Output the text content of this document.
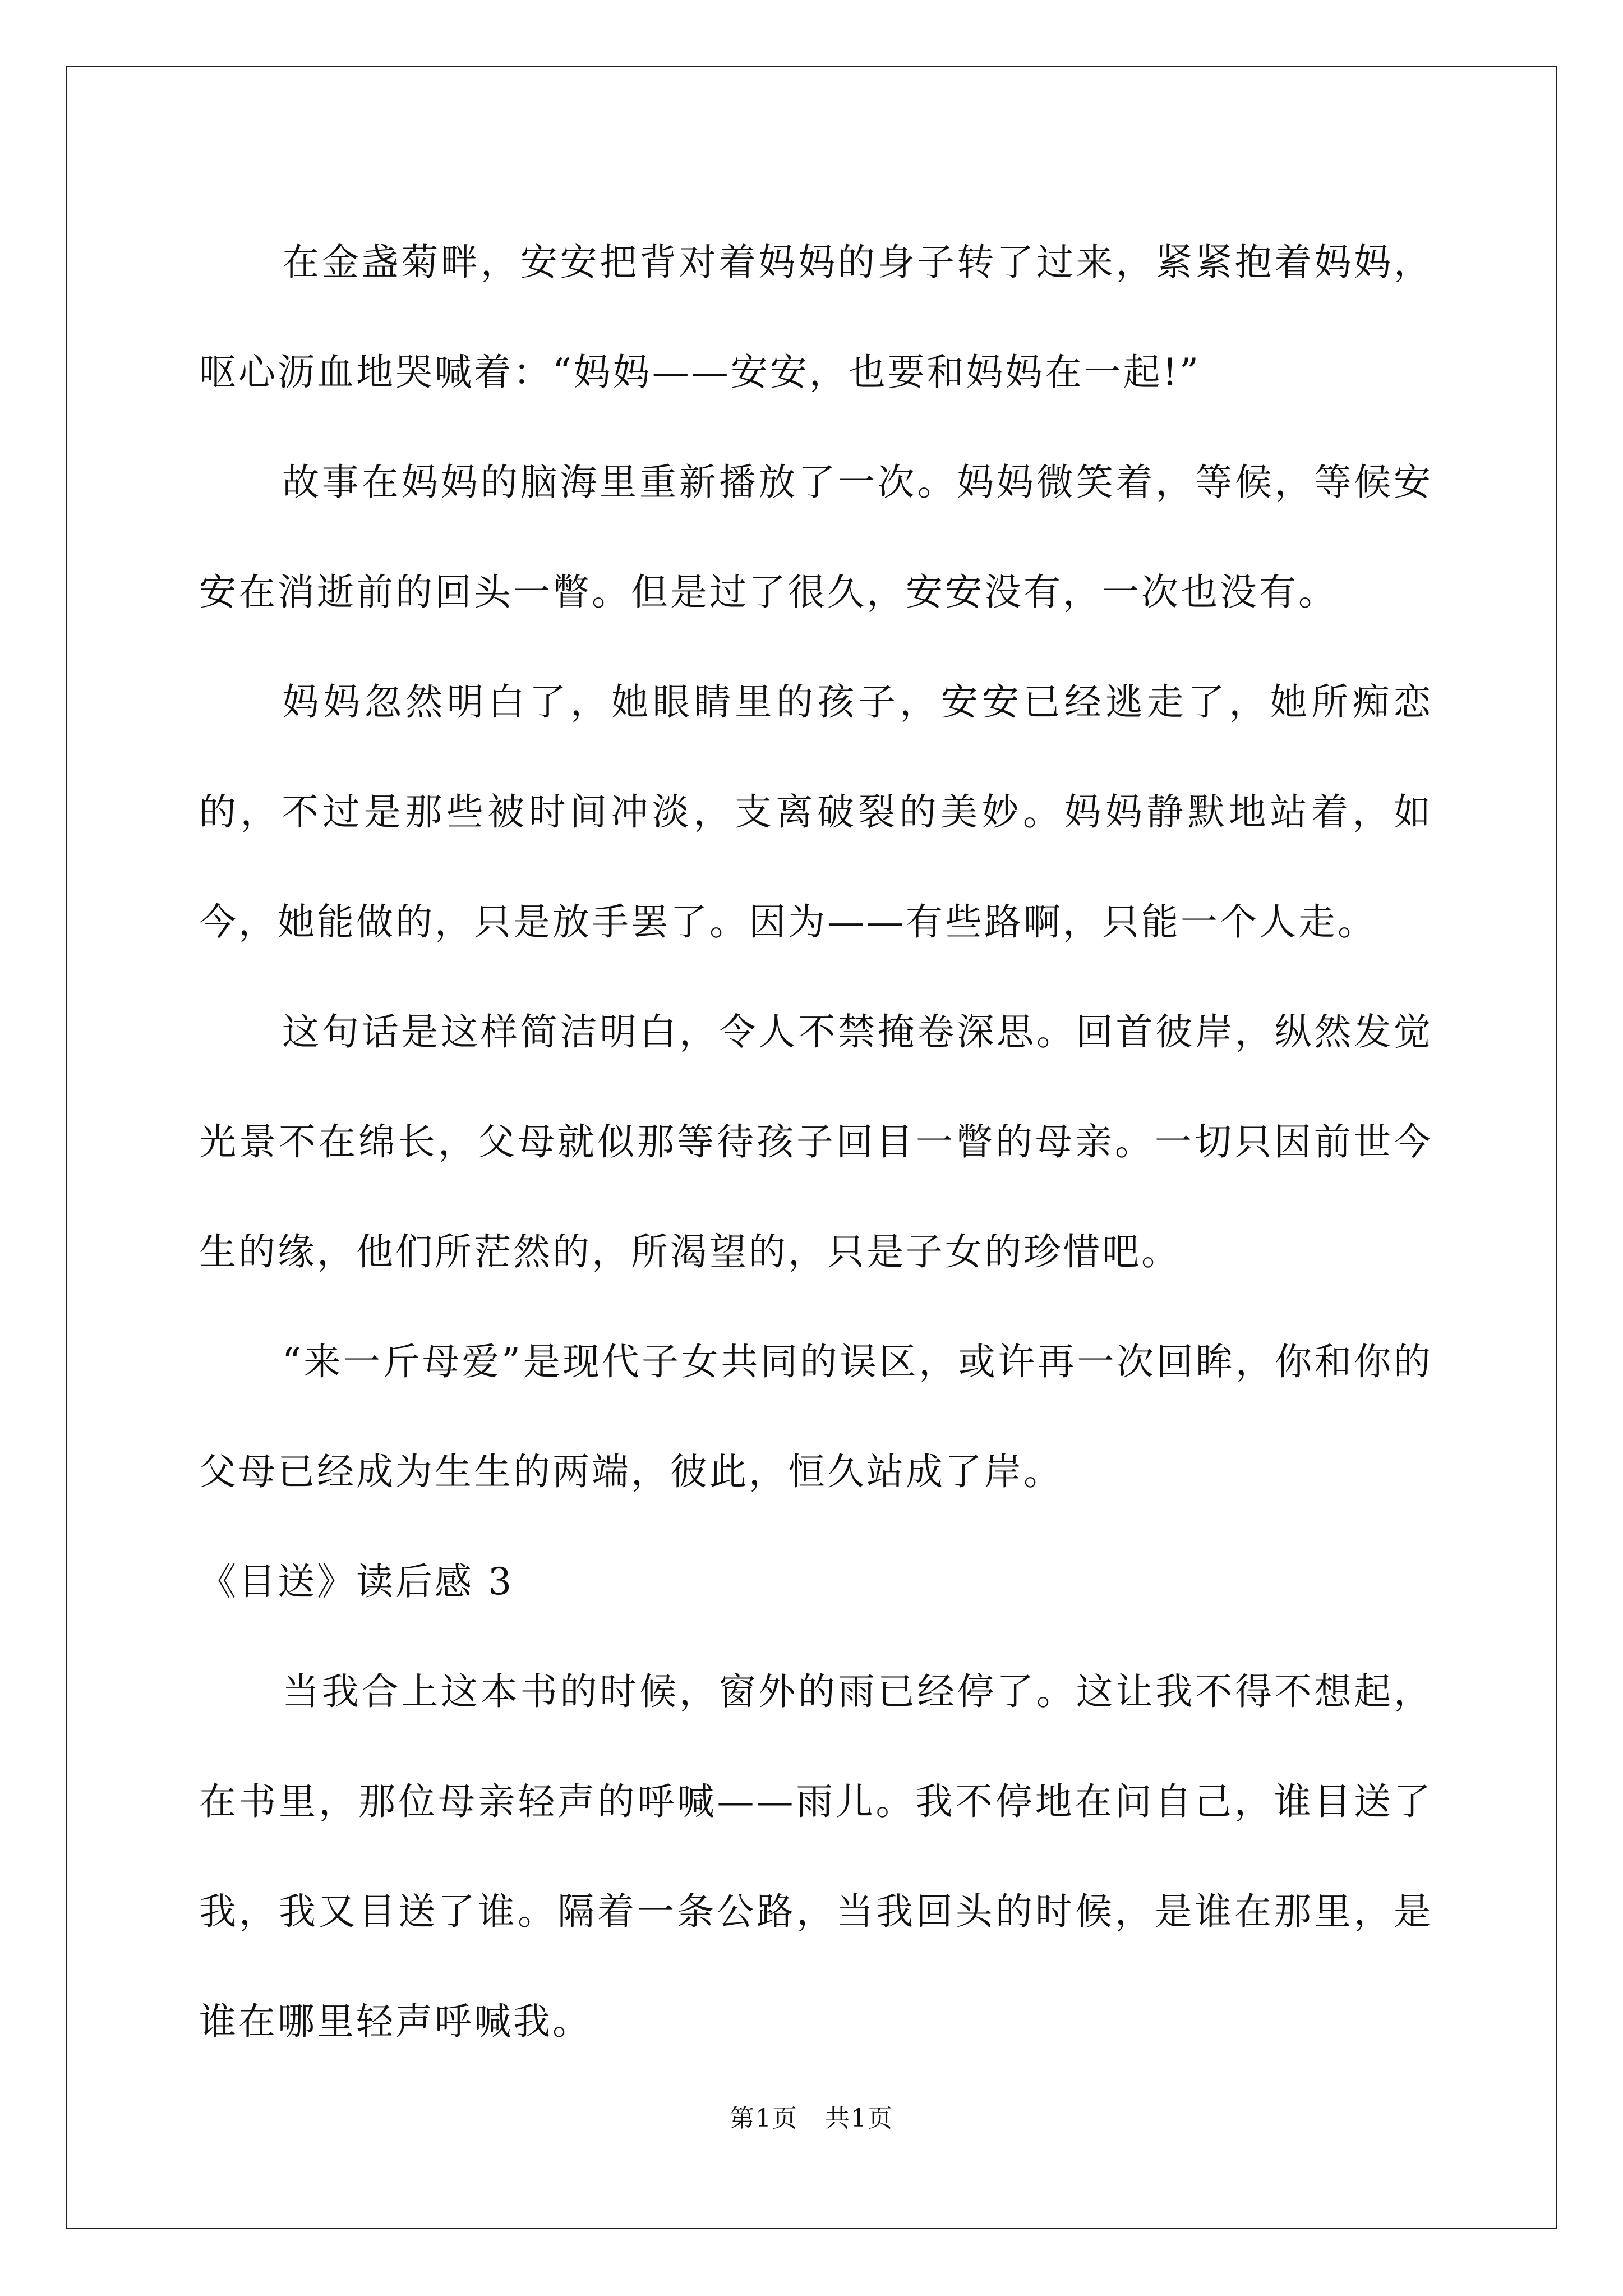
在金盏菊畔，安安把背对着妈妈的身子转了过来，紧紧抱着妈妈，呕心沥血地哭喊着：“妈妈——安安，也要和妈妈在一起!”

故事在妈妈的脑海里重新播放了一次。妈妈微笑着，等候，等候安安在消逝前的回头一瞥。但是过了很久，安安没有，一次也没有。

妈妈忽然明白了，她眼睛里的孩子，安安已经逃走了，她所痴恋的，不过是那些被时间冲淡，支离破裂的美妙。妈妈静默地站着，如今，她能做的，只是放手罢了。因为——有些路啊，只能一个人走。

这句话是这样简洁明白，令人不禁掩卷深思。回首彼岸，纵然发觉光景不在绵长，父母就似那等待孩子回目一瞥的母亲。一切只因前世今生的缘，他们所茫然的，所渴望的，只是子女的珍惜吧。

“来一斤母爱”是现代子女共同的误区，或许再一次回眸，你和你的父母已经成为生生的两端，彼此，恒久站成了岸。

《目送》读后感 3

当我合上这本书的时候，窗外的雨已经停了。这让我不得不想起，在书里，那位母亲轻声的呼喊——雨儿。我不停地在问自己，谁目送了我，我又目送了谁。隔着一条公路，当我回头的时候，是谁在那里，是谁在哪里轻声呼喊我。

第1页 共1页
